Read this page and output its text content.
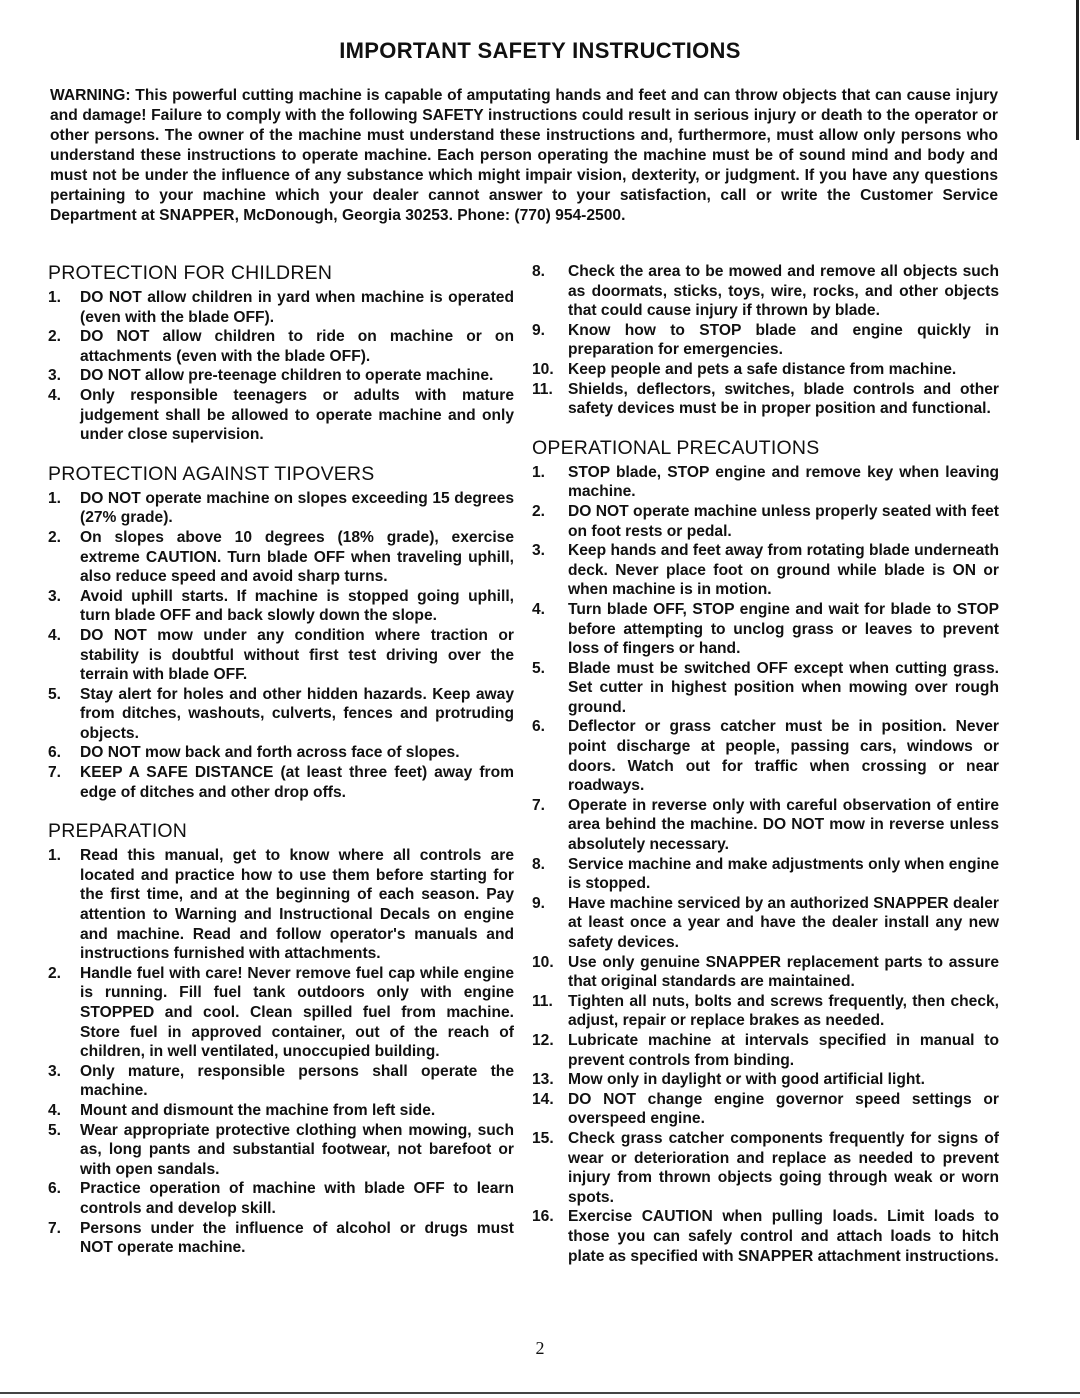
IMPORTANT SAFETY INSTRUCTIONS
WARNING: This powerful cutting machine is capable of amputating hands and feet and can throw objects that can cause injury and damage! Failure to comply with the following SAFETY instructions could result in serious injury or death to the operator or other persons. The owner of the machine must understand these instructions and, furthermore, must allow only persons who understand these instructions to operate machine. Each person operating the machine must be of sound mind and body and must not be under the influence of any substance which might impair vision, dexterity, or judgment. If you have any questions pertaining to your machine which your dealer cannot answer to your satisfaction, call or write the Customer Service Department at SNAPPER, McDonough, Georgia 30253. Phone: (770) 954-2500.
PROTECTION FOR CHILDREN
1.	DO NOT allow children in yard when machine is operated (even with the blade OFF).
2.	DO NOT allow children to ride on machine or on attachments (even with the blade OFF).
3.	DO NOT allow pre-teenage children to operate machine.
4.	Only responsible teenagers or adults with mature judgement shall be allowed to operate machine and only under close supervision.
PROTECTION AGAINST TIPOVERS
1.	DO NOT operate machine on slopes exceeding 15 degrees (27% grade).
2.	On slopes above 10 degrees (18% grade), exercise extreme CAUTION. Turn blade OFF when traveling uphill, also reduce speed and avoid sharp turns.
3.	Avoid uphill starts. If machine is stopped going uphill, turn blade OFF and back slowly down the slope.
4.	DO NOT mow under any condition where traction or stability is doubtful without first test driving over the terrain with blade OFF.
5.	Stay alert for holes and other hidden hazards. Keep away from ditches, washouts, culverts, fences and protruding objects.
6.	DO NOT mow back and forth across face of slopes.
7.	KEEP A SAFE DISTANCE (at least three feet) away from edge of ditches and other drop offs.
PREPARATION
1.	Read this manual, get to know where all controls are located and practice how to use them before starting for the first time, and at the beginning of each season. Pay attention to Warning and Instructional Decals on engine and machine. Read and follow operator's manuals and instructions furnished with attachments.
2.	Handle fuel with care! Never remove fuel cap while engine is running. Fill fuel tank outdoors only with engine STOPPED and cool. Clean spilled fuel from machine. Store fuel in approved container, out of the reach of children, in well ventilated, unoccupied building.
3.	Only mature, responsible persons shall operate the machine.
4.	Mount and dismount the machine from left side.
5.	Wear appropriate protective clothing when mowing, such as, long pants and substantial footwear, not barefoot or with open sandals.
6.	Practice operation of machine with blade OFF to learn controls and develop skill.
7.	Persons under the influence of alcohol or drugs must NOT operate machine.
8.	Check the area to be mowed and remove all objects such as doormats, sticks, toys, wire, rocks, and other objects that could cause injury if thrown by blade.
9.	Know how to STOP blade and engine quickly in preparation for emergencies.
10. Keep people and pets a safe distance from machine.
11. Shields, deflectors, switches, blade controls and other safety devices must be in proper position and functional.
OPERATIONAL PRECAUTIONS
1.	STOP blade, STOP engine and remove key when leaving machine.
2.	DO NOT operate machine unless properly seated with feet on foot rests or pedal.
3.	Keep hands and feet away from rotating blade underneath deck. Never place foot on ground while blade is ON or when machine is in motion.
4.	Turn blade OFF, STOP engine and wait for blade to STOP before attempting to unclog grass or leaves to prevent loss of fingers or hand.
5.	Blade must be switched OFF except when cutting grass. Set cutter in highest position when mowing over rough ground.
6.	Deflector or grass catcher must be in position. Never point discharge at people, passing cars, windows or doors. Watch out for traffic when crossing or near roadways.
7.	Operate in reverse only with careful observation of entire area behind the machine. DO NOT mow in reverse unless absolutely necessary.
8.	Service machine and make adjustments only when engine is stopped.
9.	Have machine serviced by an authorized SNAPPER dealer at least once a year and have the dealer install any new safety devices.
10. Use only genuine SNAPPER replacement parts to assure that original standards are maintained.
11. Tighten all nuts, bolts and screws frequently, then check, adjust, repair or replace brakes as needed.
12. Lubricate machine at intervals specified in manual to prevent controls from binding.
13. Mow only in daylight or with good artificial light.
14. DO NOT change engine governor speed settings or overspeed engine.
15. Check grass catcher components frequently for signs of wear or deterioration and replace as needed to prevent injury from thrown objects going through weak or worn spots.
16. Exercise CAUTION when pulling loads. Limit loads to those you can safely control and attach loads to hitch plate as specified with SNAPPER attachment instructions.
2
